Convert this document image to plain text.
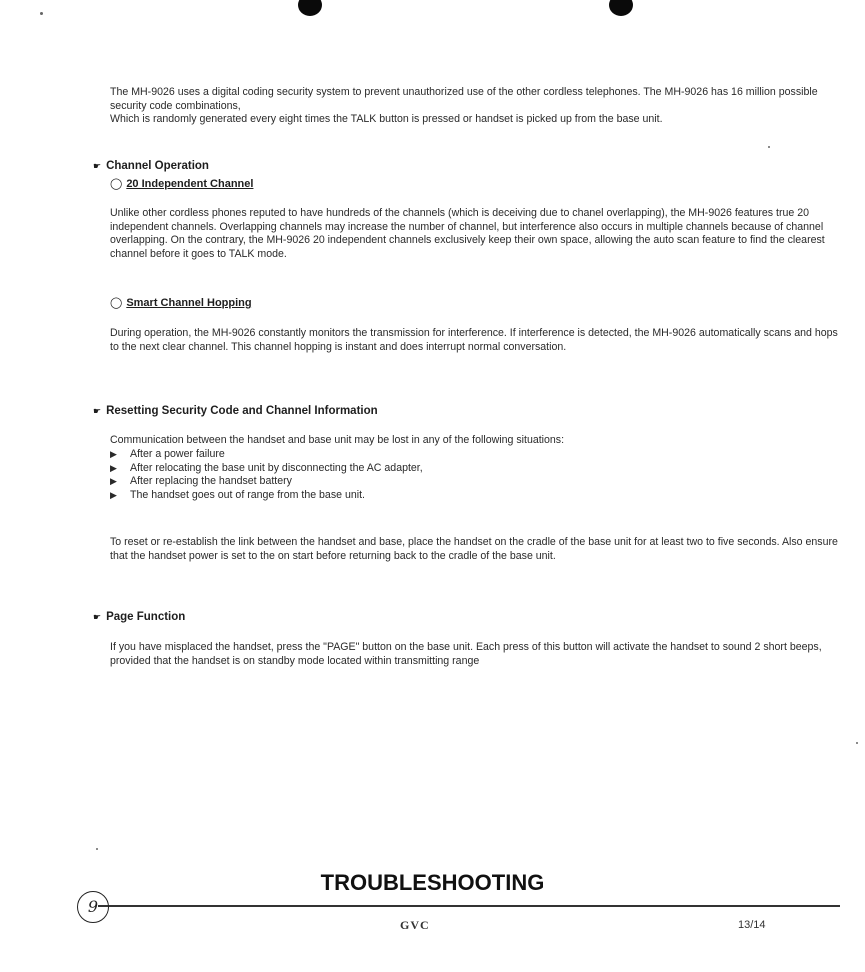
The MH-9026 uses a digital coding security system to prevent unauthorized use of the other cordless telephones. The MH-9026 has 16 million possible security code combinations,
Which is randomly generated every eight times the TALK button is pressed or handset is picked up from the base unit.

☛ Channel Operation
◯ 20 Independent Channel

Unlike other cordless phones reputed to have hundreds of the channels (which is deceiving due to chanel overlapping), the MH-9026 features true 20 independent channels. Overlapping channels may increase the number of channel, but interference also occurs in multiple channels because of channel overlapping. On the contrary, the MH-9026 20 independent channels exclusively keep their own space, allowing the auto scan feature to find the clearest channel before it goes to TALK mode.

◯ Smart Channel Hopping

During operation, the MH-9026 constantly monitors the transmission for interference. If interference is detected, the MH-9026 automatically scans and hops to the next clear channel. This channel hopping is instant and does interrupt normal conversation.

☛ Resetting Security Code and Channel Information

Communication between the handset and base unit may be lost in any of the following situations:

▶	After a power failure
▶	After relocating the base unit by disconnecting the AC adapter,
▶	After replacing the handset battery
▶	The handset goes out of range from the base unit.

To reset or re-establish the link between the handset and base, place the handset on the cradle of the base unit for at least two to five seconds. Also ensure that the handset power is set to the on start before returning back to the cradle of the base unit.

☛ Page Function

If you have misplaced the handset, press the "PAGE" button on the base unit. Each press of this button will activate the handset to sound 2 short beeps, provided that the handset is on standby mode located within transmitting range

TROUBLESHOOTING
9
GVC	13/14
